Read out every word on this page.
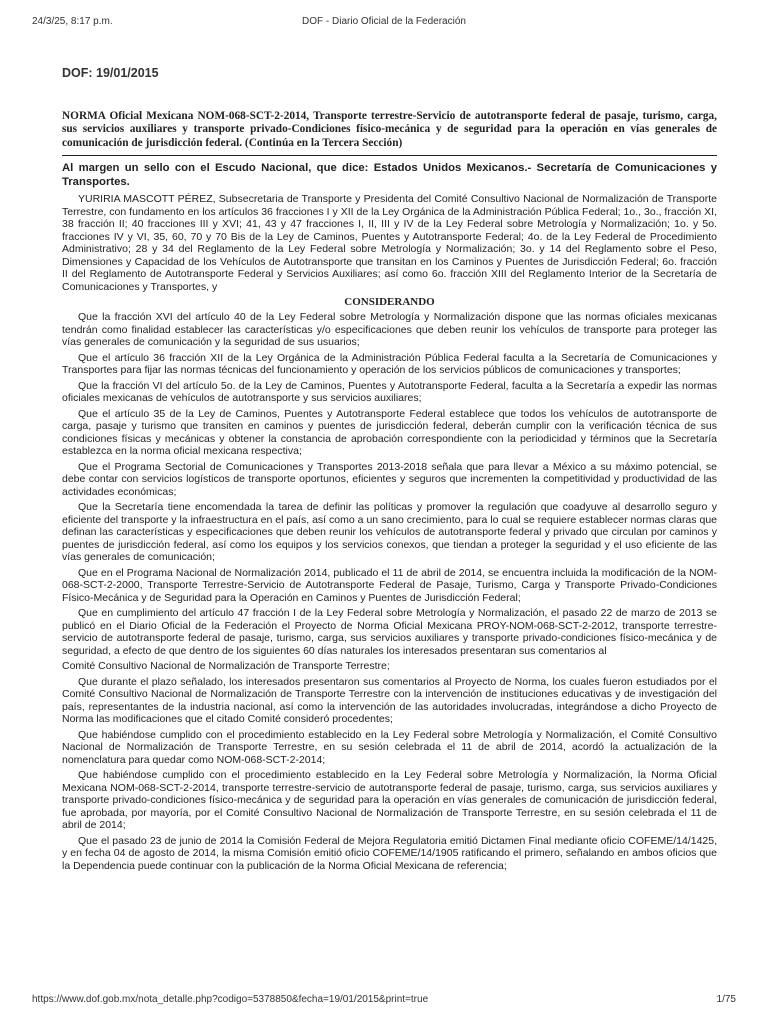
24/3/25, 8:17 p.m.	DOF - Diario Oficial de la Federación
DOF: 19/01/2015
NORMA Oficial Mexicana NOM-068-SCT-2-2014, Transporte terrestre-Servicio de autotransporte federal de pasaje, turismo, carga, sus servicios auxiliares y transporte privado-Condiciones físico-mecánica y de seguridad para la operación en vías generales de comunicación de jurisdicción federal. (Continúa en la Tercera Sección)
Al margen un sello con el Escudo Nacional, que dice: Estados Unidos Mexicanos.- Secretaría de Comunicaciones y Transportes.

YURIRIA MASCOTT PÉREZ, Subsecretaria de Transporte y Presidenta del Comité Consultivo Nacional de Normalización de Transporte Terrestre, con fundamento en los artículos 36 fracciones I y XII de la Ley Orgánica de la Administración Pública Federal; 1o., 3o., fracción XI, 38 fracción II; 40 fracciones III y XVI; 41, 43 y 47 fracciones I, II, III y IV de la Ley Federal sobre Metrología y Normalización; 1o. y 5o. fracciones IV y VI, 35, 60, 70 y 70 Bis de la Ley de Caminos, Puentes y Autotransporte Federal; 4o. de la Ley Federal de Procedimiento Administrativo; 28 y 34 del Reglamento de la Ley Federal sobre Metrología y Normalización; 3o. y 14 del Reglamento sobre el Peso, Dimensiones y Capacidad de los Vehículos de Autotransporte que transitan en los Caminos y Puentes de Jurisdicción Federal; 6o. fracción II del Reglamento de Autotransporte Federal y Servicios Auxiliares; así como 6o. fracción XIII del Reglamento Interior de la Secretaría de Comunicaciones y Transportes, y

CONSIDERANDO

Que la fracción XVI del artículo 40 de la Ley Federal sobre Metrología y Normalización dispone que las normas oficiales mexicanas tendrán como finalidad establecer las características y/o especificaciones que deben reunir los vehículos de transporte para proteger las vías generales de comunicación y la seguridad de sus usuarios;

Que el artículo 36 fracción XII de la Ley Orgánica de la Administración Pública Federal faculta a la Secretaría de Comunicaciones y Transportes para fijar las normas técnicas del funcionamiento y operación de los servicios públicos de comunicaciones y transportes;

Que la fracción VI del artículo 5o. de la Ley de Caminos, Puentes y Autotransporte Federal, faculta a la Secretaría a expedir las normas oficiales mexicanas de vehículos de autotransporte y sus servicios auxiliares;

Que el artículo 35 de la Ley de Caminos, Puentes y Autotransporte Federal establece que todos los vehículos de autotransporte de carga, pasaje y turismo que transiten en caminos y puentes de jurisdicción federal, deberán cumplir con la verificación técnica de sus condiciones físicas y mecánicas y obtener la constancia de aprobación correspondiente con la periodicidad y términos que la Secretaría establezca en la norma oficial mexicana respectiva;

Que el Programa Sectorial de Comunicaciones y Transportes 2013-2018 señala que para llevar a México a su máximo potencial, se debe contar con servicios logísticos de transporte oportunos, eficientes y seguros que incrementen la competitividad y productividad de las actividades económicas;

Que la Secretaría tiene encomendada la tarea de definir las políticas y promover la regulación que coadyuve al desarrollo seguro y eficiente del transporte y la infraestructura en el país, así como a un sano crecimiento, para lo cual se requiere establecer normas claras que definan las características y especificaciones que deben reunir los vehículos de autotransporte federal y privado que circulan por caminos y puentes de jurisdicción federal, así como los equipos y los servicios conexos, que tiendan a proteger la seguridad y el uso eficiente de las vías generales de comunicación;

Que en el Programa Nacional de Normalización 2014, publicado el 11 de abril de 2014, se encuentra incluida la modificación de la NOM-068-SCT-2-2000, Transporte Terrestre-Servicio de Autotransporte Federal de Pasaje, Turismo, Carga y Transporte Privado-Condiciones Físico-Mecánica y de Seguridad para la Operación en Caminos y Puentes de Jurisdicción Federal;

Que en cumplimiento del artículo 47 fracción I de la Ley Federal sobre Metrología y Normalización, el pasado 22 de marzo de 2013 se publicó en el Diario Oficial de la Federación el Proyecto de Norma Oficial Mexicana PROY-NOM-068-SCT-2-2012, transporte terrestre-servicio de autotransporte federal de pasaje, turismo, carga, sus servicios auxiliares y transporte privado-condiciones físico-mecánica y de seguridad, a efecto de que dentro de los siguientes 60 días naturales los interesados presentaran sus comentarios al

Comité Consultivo Nacional de Normalización de Transporte Terrestre;

Que durante el plazo señalado, los interesados presentaron sus comentarios al Proyecto de Norma, los cuales fueron estudiados por el Comité Consultivo Nacional de Normalización de Transporte Terrestre con la intervención de instituciones educativas y de investigación del país, representantes de la industria nacional, así como la intervención de las autoridades involucradas, integrándose a dicho Proyecto de Norma las modificaciones que el citado Comité consideró procedentes;

Que habiéndose cumplido con el procedimiento establecido en la Ley Federal sobre Metrología y Normalización, el Comité Consultivo Nacional de Normalización de Transporte Terrestre, en su sesión celebrada el 11 de abril de 2014, acordó la actualización de la nomenclatura para quedar como NOM-068-SCT-2-2014;

Que habiéndose cumplido con el procedimiento establecido en la Ley Federal sobre Metrología y Normalización, la Norma Oficial Mexicana NOM-068-SCT-2-2014, transporte terrestre-servicio de autotransporte federal de pasaje, turismo, carga, sus servicios auxiliares y transporte privado-condiciones físico-mecánica y de seguridad para la operación en vías generales de comunicación de jurisdicción federal, fue aprobada, por mayoría, por el Comité Consultivo Nacional de Normalización de Transporte Terrestre, en su sesión celebrada el 11 de abril de 2014;

Que el pasado 23 de junio de 2014 la Comisión Federal de Mejora Regulatoria emitió Dictamen Final mediante oficio COFEME/14/1425, y en fecha 04 de agosto de 2014, la misma Comisión emitió oficio COFEME/14/1905 ratificando el primero, señalando en ambos oficios que la Dependencia puede continuar con la publicación de la Norma Oficial Mexicana de referencia;

https://www.dof.gob.mx/nota_detalle.php?codigo=5378850&fecha=19/01/2015&print=true	1/75
